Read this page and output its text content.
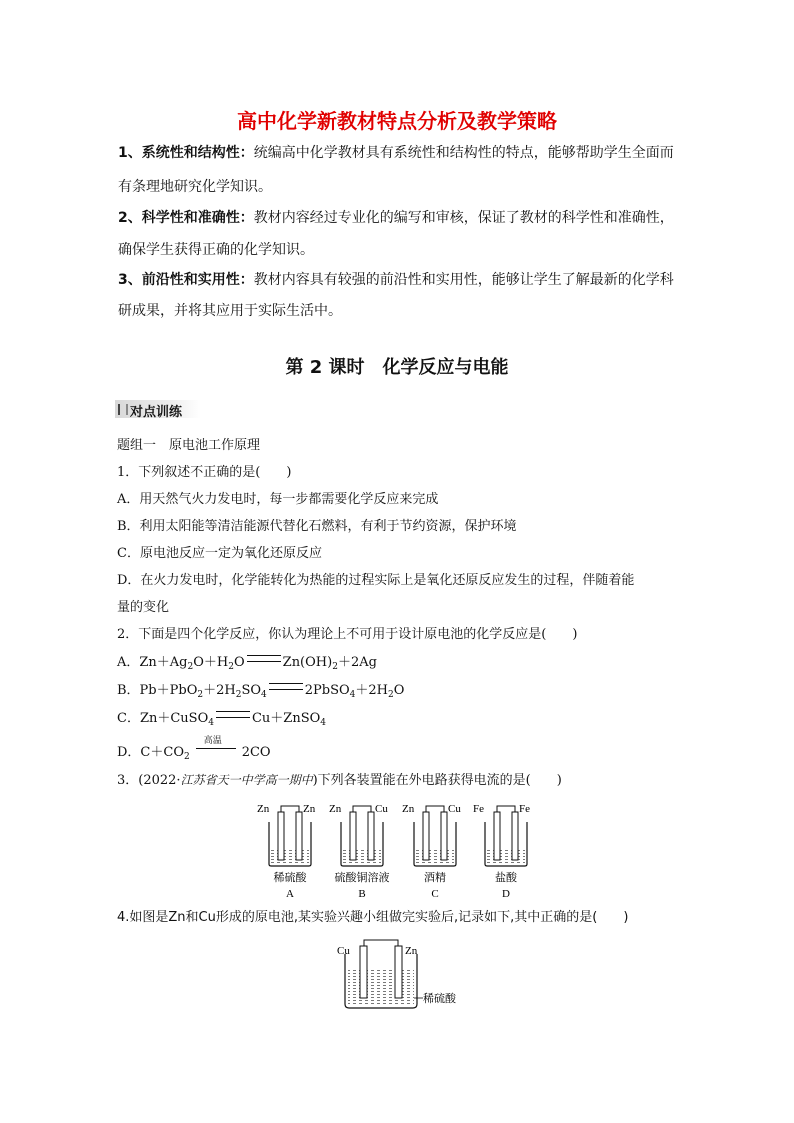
高中化学新教材特点分析及教学策略
1、系统性和结构性：统编高中化学教材具有系统性和结构性的特点，能够帮助学生全面而
有条理地研究化学知识。
2、科学性和准确性：教材内容经过专业化的编写和审核，保证了教材的科学性和准确性，
确保学生获得正确的化学知识。
3、前沿性和实用性：教材内容具有较强的前沿性和实用性，能够让学生了解最新的化学科
研成果，并将其应用于实际生活中。
第 2 课时　化学反应与电能
对点训练
题组一　原电池工作原理
1．下列叙述不正确的是(　　)
A．用天然气火力发电时，每一步都需要化学反应来完成
B．利用太阳能等清洁能源代替化石燃料，有利于节约资源，保护环境
C．原电池反应一定为氧化还原反应
D．在火力发电时，化学能转化为热能的过程实际上是氧化还原反应发生的过程，伴随着能
量的变化
2．下面是四个化学反应，你认为理论上不可用于设计原电池的化学反应是(　　)
A．$Zn+Ag_2O+H_2O$	$Zn(OH)_2+2Ag$
B．$Pb+PbO_2+2H_2SO_4$	$2PbSO_4+2H_2O$
C．Zn＋CuSO$_4$	Cu＋ZnSO$_4$
D．$C+CO_2$
高温
2CO
3．(2022·江苏省天一中学高一期中)下列各装置能在外电路获得电流的是(　　)
Zn	Zn
稀硫酸
A
Zn	Cu
硫酸铜溶液
B
Zn	Cu
酒精
C
Fe	Fe
盐酸
D
4.如图是Zn和Cu形成的原电池,某实验兴趣小组做完实验后,记录如下,其中正确的是(　　)
Cu	Zn
稀硫酸
